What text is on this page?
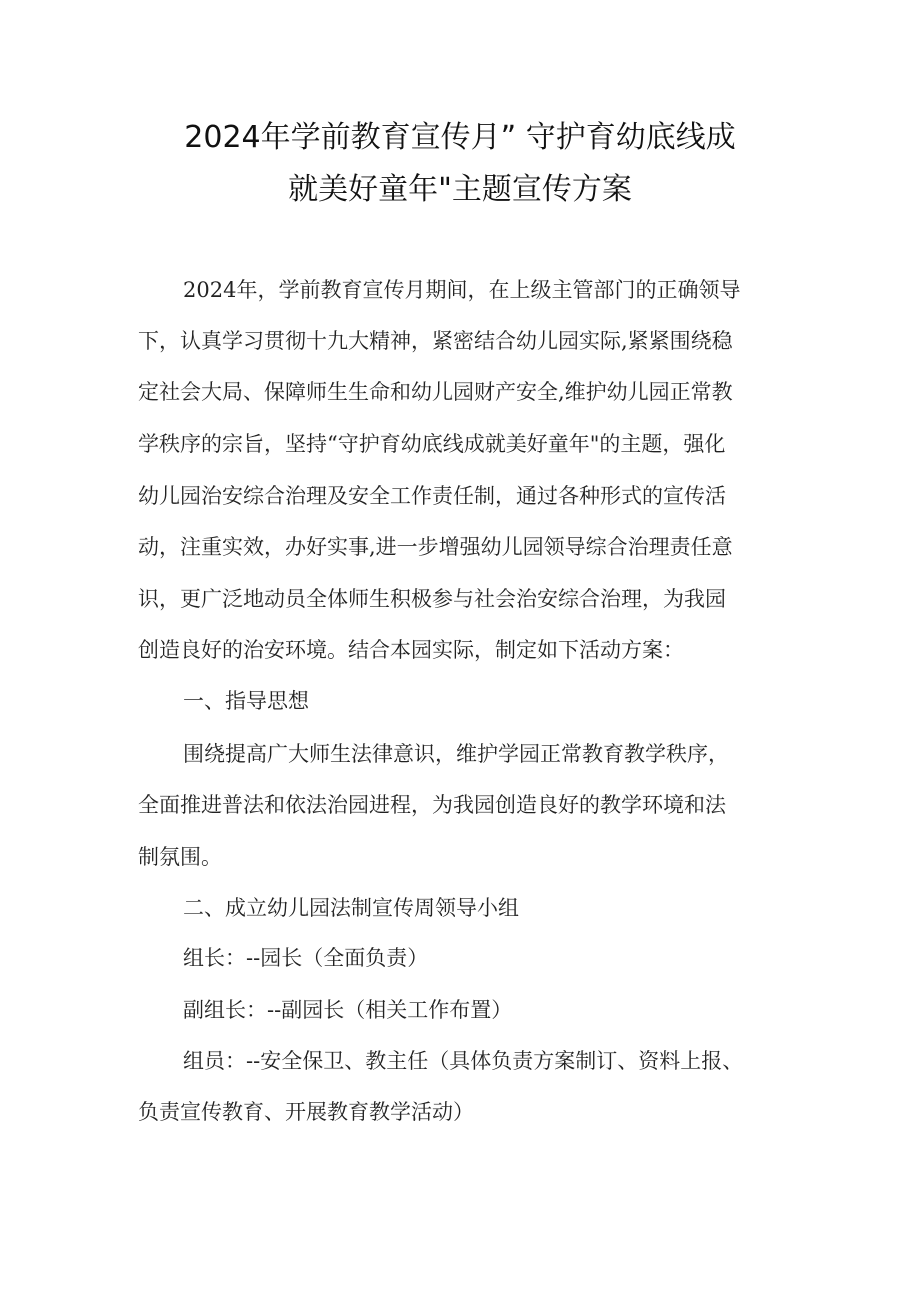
2024年学前教育宣传月” 守护育幼底线成
就美好童年"主题宣传方案
2024年，学前教育宣传月期间，在上级主管部门的正确领导
下，认真学习贯彻十九大精神，紧密结合幼儿园实际,紧紧围绕稳
定社会大局、保障师生生命和幼儿园财产安全,维护幼儿园正常教
学秩序的宗旨，坚持“守护育幼底线成就美好童年"的主题，强化
幼儿园治安综合治理及安全工作责任制，通过各种形式的宣传活
动，注重实效，办好实事,进一步增强幼儿园领导综合治理责任意
识，更广泛地动员全体师生积极参与社会治安综合治理，为我园
创造良好的治安环境。结合本园实际，制定如下活动方案：
一、指导思想
围绕提高广大师生法律意识，维护学园正常教育教学秩序，
全面推进普法和依法治园进程，为我园创造良好的教学环境和法
制氛围。
二、成立幼儿园法制宣传周领导小组
组长：--园长（全面负责）
副组长：--副园长（相关工作布置）
组员：--安全保卫、教主任（具体负责方案制订、资料上报、
负责宣传教育、开展教育教学活动）
